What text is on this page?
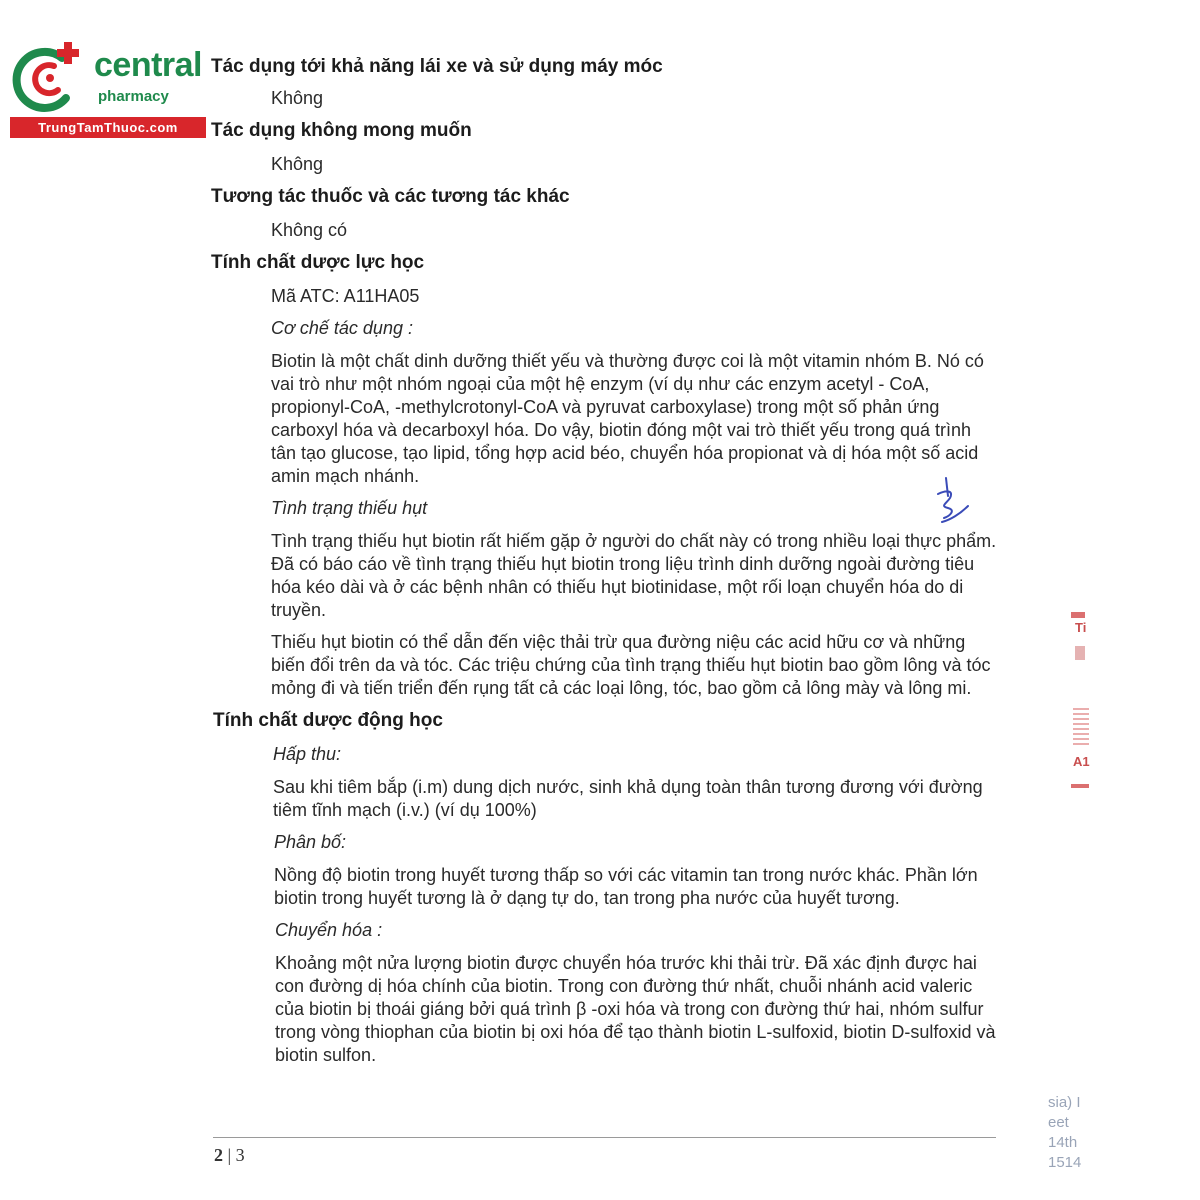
central
pharmacy
TrungTamThuoc.com
Tác dụng tới khả năng lái xe và sử dụng máy móc
Không
Tác dụng không mong muốn
Không
Tương tác thuốc và các tương tác khác
Không có
Tính chất dược lực học
Mã ATC: A11HA05
Cơ chế tác dụng :
Biotin là một chất dinh dưỡng thiết yếu và thường được coi là một vitamin nhóm B. Nó có vai trò như một nhóm ngoại của một hệ enzym (ví dụ như các enzym acetyl - CoA, propionyl-CoA, -methylcrotonyl-CoA và pyruvat carboxylase) trong một số phản ứng carboxyl hóa và decarboxyl hóa. Do vậy, biotin đóng một vai trò thiết yếu trong quá trình tân tạo glucose, tạo lipid, tổng hợp acid béo, chuyển hóa propionat và dị hóa một số acid amin mạch nhánh.
Tình trạng thiếu hụt
Tình trạng thiếu hụt biotin rất hiếm gặp ở người do chất này có trong nhiều loại thực phẩm. Đã có báo cáo về tình trạng thiếu hụt biotin trong liệu trình dinh dưỡng ngoài đường tiêu hóa kéo dài và ở các bệnh nhân có thiếu hụt biotinidase, một rối loạn chuyển hóa do di truyền.
Thiếu hụt biotin có thể dẫn đến việc thải trừ qua đường niệu các acid hữu cơ và những biến đổi trên da và tóc. Các triệu chứng của tình trạng thiếu hụt biotin bao gồm lông và tóc mỏng đi và tiến triển đến rụng tất cả các loại lông, tóc, bao gồm cả lông mày và lông mi.
Tính chất dược động học
Hấp thu:
Sau khi tiêm bắp (i.m) dung dịch nước, sinh khả dụng toàn thân tương đương với đường tiêm tĩnh mạch (i.v.) (ví dụ 100%)
Phân bố:
Nồng độ biotin trong huyết tương thấp so với các vitamin tan trong nước khác. Phần lớn biotin trong huyết tương là ở dạng tự do, tan trong pha nước của huyết tương.
Chuyển hóa :
Khoảng một nửa lượng biotin được chuyển hóa trước khi thải trừ. Đã xác định được hai con đường dị hóa chính của biotin. Trong con đường thứ nhất, chuỗi nhánh acid valeric của biotin bị thoái giáng bởi quá trình β -oxi hóa và trong con đường thứ hai, nhóm sulfur trong vòng thiophan của biotin bị oxi hóa để tạo thành biotin L-sulfoxid, biotin D-sulfoxid và biotin sulfon.
Ti
A1
sia) I
eet
14th
1514
2 | 3
